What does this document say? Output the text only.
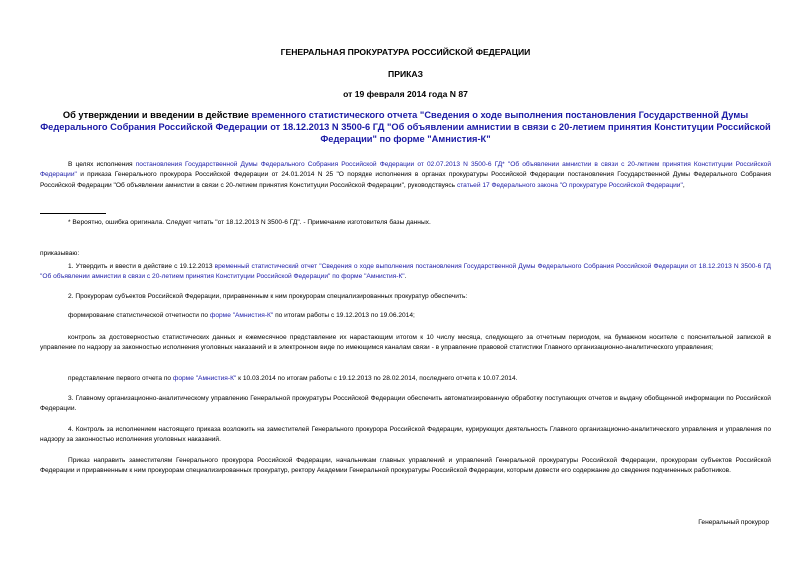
ГЕНЕРАЛЬНАЯ ПРОКУРАТУРА РОССИЙСКОЙ ФЕДЕРАЦИИ
ПРИКАЗ
от 19 февраля 2014 года N 87
Об утверждении и введении в действие временного статистического отчета "Сведения о ходе выполнения постановления Государственной Думы Федерального Собрания Российской Федерации от 18.12.2013 N 3500-6 ГД "Об объявлении амнистии в связи с 20-летием принятия Конституции Российской Федерации" по форме "Амнистия-К"
В целях исполнения постановления Государственной Думы Федерального Собрания Российской Федерации от 02.07.2013 N 3500-6 ГД* "Об объявлении амнистии в связи с 20-летием принятия Конституции Российской Федерации" и приказа Генерального прокурора Российской Федерации от 24.01.2014 N 25 "О порядке исполнения в органах прокуратуры Российской Федерации постановления Государственной Думы Федерального Собрания Российской Федерации "Об объявлении амнистии в связи с 20-летием принятия Конституции Российской Федерации", руководствуясь статьей 17 Федерального закона "О прокуратуре Российской Федерации",
* Вероятно, ошибка оригинала. Следует читать "от 18.12.2013 N 3500-6 ГД". - Примечание изготовителя базы данных.
приказываю:
1. Утвердить и ввести в действие с 19.12.2013 временный статистический отчет "Сведения о ходе выполнения постановления Государственной Думы Федерального Собрания Российской Федерации от 18.12.2013 N 3500-6 ГД "Об объявлении амнистии в связи с 20-летием принятия Конституции Российской Федерации" по форме "Амнистия-К".
2. Прокурорам субъектов Российской Федерации, приравненным к ним прокурорам специализированных прокуратур обеспечить:
формирование статистической отчетности по форме "Амнистия-К" по итогам работы с 19.12.2013 по 19.06.2014;
контроль за достоверностью статистических данных и ежемесячное представление их нарастающим итогом к 10 числу месяца, следующего за отчетным периодом, на бумажном носителе с пояснительной запиской в управление по надзору за законностью исполнения уголовных наказаний и в электронном виде по имеющимся каналам связи - в управление правовой статистики Главного организационно-аналитического управления;
представление первого отчета по форме "Амнистия-К" к 10.03.2014 по итогам работы с 19.12.2013 по 28.02.2014, последнего отчета к 10.07.2014.
3. Главному организационно-аналитическому управлению Генеральной прокуратуры Российской Федерации обеспечить автоматизированную обработку поступающих отчетов и выдачу обобщенной информации по Российской Федерации.
4. Контроль за исполнением настоящего приказа возложить на заместителей Генерального прокурора Российской Федерации, курирующих деятельность Главного организационно-аналитического управления и управления по надзору за законностью исполнения уголовных наказаний.
Приказ направить заместителям Генерального прокурора Российской Федерации, начальникам главных управлений и управлений Генеральной прокуратуры Российской Федерации, прокурорам субъектов Российской Федерации и приравненным к ним прокурорам специализированных прокуратур, ректору Академии Генеральной прокуратуры Российской Федерации, которым довести его содержание до сведения подчиненных работников.
Генеральный прокурор
